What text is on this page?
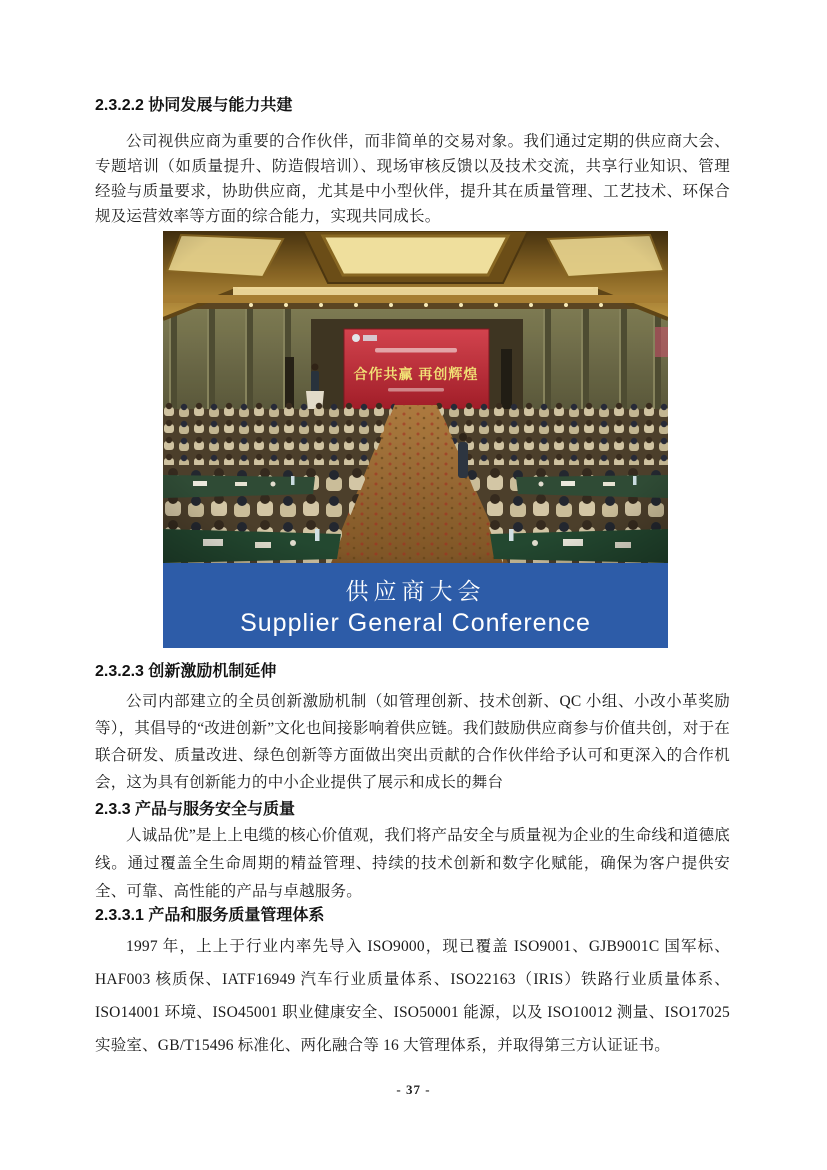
2.3.2.2 协同发展与能力共建

公司视供应商为重要的合作伙伴，而非简单的交易对象。我们通过定期的供应商大会、专题培训（如质量提升、防造假培训）、现场审核反馈以及技术交流，共享行业知识、管理经验与质量要求，协助供应商，尤其是中小型伙伴，提升其在质量管理、工艺技术、环保合规及运营效率等方面的综合能力，实现共同成长。

供应商大会
Supplier General Conference
2.3.2.3 创新激励机制延伸

公司内部建立的全员创新激励机制（如管理创新、技术创新、QC 小组、小改小革奖励等），其倡导的“改进创新”文化也间接影响着供应链。我们鼓励供应商参与价值共创，对于在联合研发、质量改进、绿色创新等方面做出突出贡献的合作伙伴给予认可和更深入的合作机会，这为具有创新能力的中小企业提供了展示和成长的舞台

2.3.3 产品与服务安全与质量

人诚品优”是上上电缆的核心价值观，我们将产品安全与质量视为企业的生命线和道德底线。通过覆盖全生命周期的精益管理、持续的技术创新和数字化赋能，确保为客户提供安全、可靠、高性能的产品与卓越服务。

2.3.3.1 产品和服务质量管理体系

1997 年，上上于行业内率先导入 ISO9000，现已覆盖 ISO9001、GJB9001C 国军标、HAF003 核质保、IATF16949 汽车行业质量体系、ISO22163（IRIS）铁路行业质量体系、ISO14001 环境、ISO45001 职业健康安全、ISO50001 能源，以及 ISO10012 测量、ISO17025 实验室、GB/T15496 标准化、两化融合等 16 大管理体系，并取得第三方认证证书。

- 37 -
